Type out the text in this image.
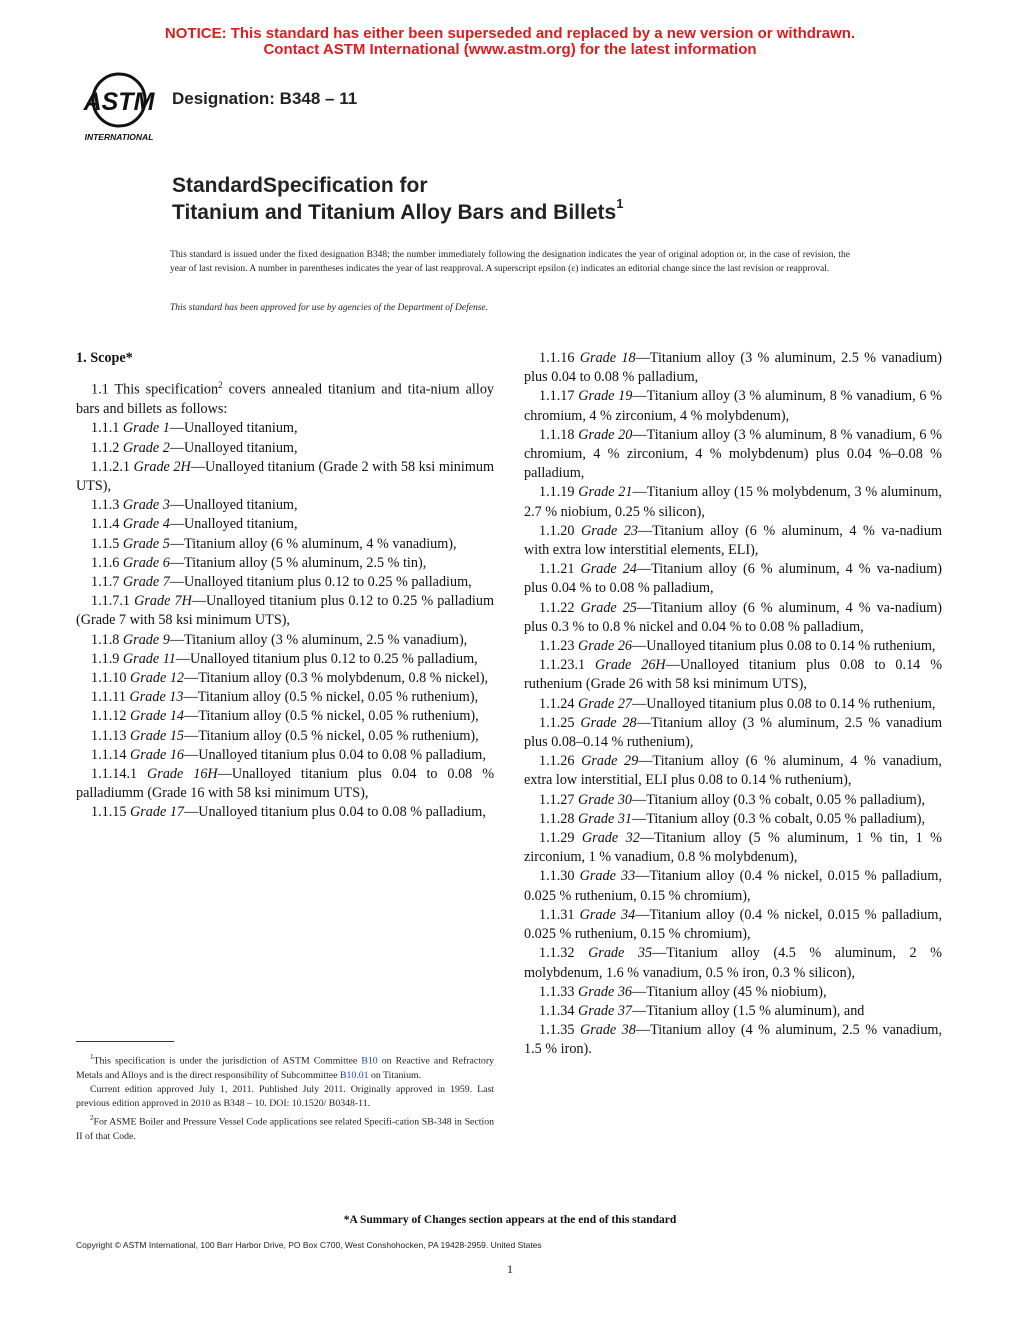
NOTICE: This standard has either been superseded and replaced by a new version or withdrawn.
Contact ASTM International (www.astm.org) for the latest information
ASTM
INTERNATIONAL
Designation: B348 – 11
StandardSpecification for
Titanium and Titanium Alloy Bars and Billets$^1$
This standard is issued under the fixed designation B348; the number immediately following the designation indicates the year of original adoption or, in the case of revision, the year of last revision. A number in parentheses indicates the year of last reapproval. A superscript epsilon (ε) indicates an editorial change since the last revision or reapproval.
This standard has been approved for use by agencies of the Department of Defense.
1. Scope*

1.1 This specification$^2$ covers annealed titanium and tita-nium alloy bars and billets as follows:

1.1.1 Grade 1—Unalloyed titanium,

1.1.2 Grade 2—Unalloyed titanium,

1.1.2.1 Grade 2H—Unalloyed titanium (Grade 2 with 58 ksi minimum UTS),

1.1.3 Grade 3—Unalloyed titanium,

1.1.4 Grade 4—Unalloyed titanium,

1.1.5 Grade 5—Titanium alloy (6 % aluminum, 4 % vanadium),

1.1.6 Grade 6—Titanium alloy (5 % aluminum, 2.5 % tin),

1.1.7 Grade 7—Unalloyed titanium plus 0.12 to 0.25 % palladium,

1.1.7.1 Grade 7H—Unalloyed titanium plus 0.12 to 0.25 % palladium (Grade 7 with 58 ksi minimum UTS),

1.1.8 Grade 9—Titanium alloy (3 % aluminum, 2.5 % vanadium),

1.1.9 Grade 11—Unalloyed titanium plus 0.12 to 0.25 % palladium,

1.1.10 Grade 12—Titanium alloy (0.3 % molybdenum, 0.8 % nickel),

1.1.11 Grade 13—Titanium alloy (0.5 % nickel, 0.05 % ruthenium),

1.1.12 Grade 14—Titanium alloy (0.5 % nickel, 0.05 % ruthenium),

1.1.13 Grade 15—Titanium alloy (0.5 % nickel, 0.05 % ruthenium),

1.1.14 Grade 16—Unalloyed titanium plus 0.04 to 0.08 % palladium,

1.1.14.1 Grade 16H—Unalloyed titanium plus 0.04 to 0.08 % palladiumm (Grade 16 with 58 ksi minimum UTS),

1.1.15 Grade 17—Unalloyed titanium plus 0.04 to 0.08 % palladium,

1.1.16 Grade 18—Titanium alloy (3 % aluminum, 2.5 % vanadium) plus 0.04 to 0.08 % palladium,

1.1.17 Grade 19—Titanium alloy (3 % aluminum, 8 % vanadium, 6 % chromium, 4 % zirconium, 4 % molybdenum),

1.1.18 Grade 20—Titanium alloy (3 % aluminum, 8 % vanadium, 6 % chromium, 4 % zirconium, 4 % molybdenum) plus 0.04 %–0.08 % palladium,

1.1.19 Grade 21—Titanium alloy (15 % molybdenum, 3 % aluminum, 2.7 % niobium, 0.25 % silicon),

1.1.20 Grade 23—Titanium alloy (6 % aluminum, 4 % va-nadium with extra low interstitial elements, ELI),

1.1.21 Grade 24—Titanium alloy (6 % aluminum, 4 % va-nadium) plus 0.04 % to 0.08 % palladium,

1.1.22 Grade 25—Titanium alloy (6 % aluminum, 4 % va-nadium) plus 0.3 % to 0.8 % nickel and 0.04 % to 0.08 % palladium,

1.1.23 Grade 26—Unalloyed titanium plus 0.08 to 0.14 % ruthenium,

1.1.23.1 Grade 26H—Unalloyed titanium plus 0.08 to 0.14 % ruthenium (Grade 26 with 58 ksi minimum UTS),

1.1.24 Grade 27—Unalloyed titanium plus 0.08 to 0.14 % ruthenium,

1.1.25 Grade 28—Titanium alloy (3 % aluminum, 2.5 % vanadium plus 0.08–0.14 % ruthenium),

1.1.26 Grade 29—Titanium alloy (6 % aluminum, 4 % vanadium, extra low interstitial, ELI plus 0.08 to 0.14 % ruthenium),

1.1.27 Grade 30—Titanium alloy (0.3 % cobalt, 0.05 % palladium),

1.1.28 Grade 31—Titanium alloy (0.3 % cobalt, 0.05 % palladium),

1.1.29 Grade 32—Titanium alloy (5 % aluminum, 1 % tin, 1 % zirconium, 1 % vanadium, 0.8 % molybdenum),

1.1.30 Grade 33—Titanium alloy (0.4 % nickel, 0.015 % palladium, 0.025 % ruthenium, 0.15 % chromium),

1.1.31 Grade 34—Titanium alloy (0.4 % nickel, 0.015 % palladium, 0.025 % ruthenium, 0.15 % chromium),

1.1.32 Grade 35—Titanium alloy (4.5 % aluminum, 2 % molybdenum, 1.6 % vanadium, 0.5 % iron, 0.3 % silicon),

1.1.33 Grade 36—Titanium alloy (45 % niobium),

1.1.34 Grade 37—Titanium alloy (1.5 % aluminum), and

1.1.35 Grade 38—Titanium alloy (4 % aluminum, 2.5 % vanadium, 1.5 % iron).

$^1$This specification is under the jurisdiction of ASTM Committee B10 on Reactive and Refractory Metals and Alloys and is the direct responsibility of Subcommittee B10.01 on Titanium.

Current edition approved July 1, 2011. Published July 2011. Originally approved in 1959. Last previous edition approved in 2010 as B348 – 10. DOI: 10.1520/ B0348-11.

$^2$For ASME Boiler and Pressure Vessel Code applications see related Specifi-cation SB-348 in Section II of that Code.

*A Summary of Changes section appears at the end of this standard
Copyright © ASTM International, 100 Barr Harbor Drive, PO Box C700, West Conshohocken, PA 19428-2959. United States
1
